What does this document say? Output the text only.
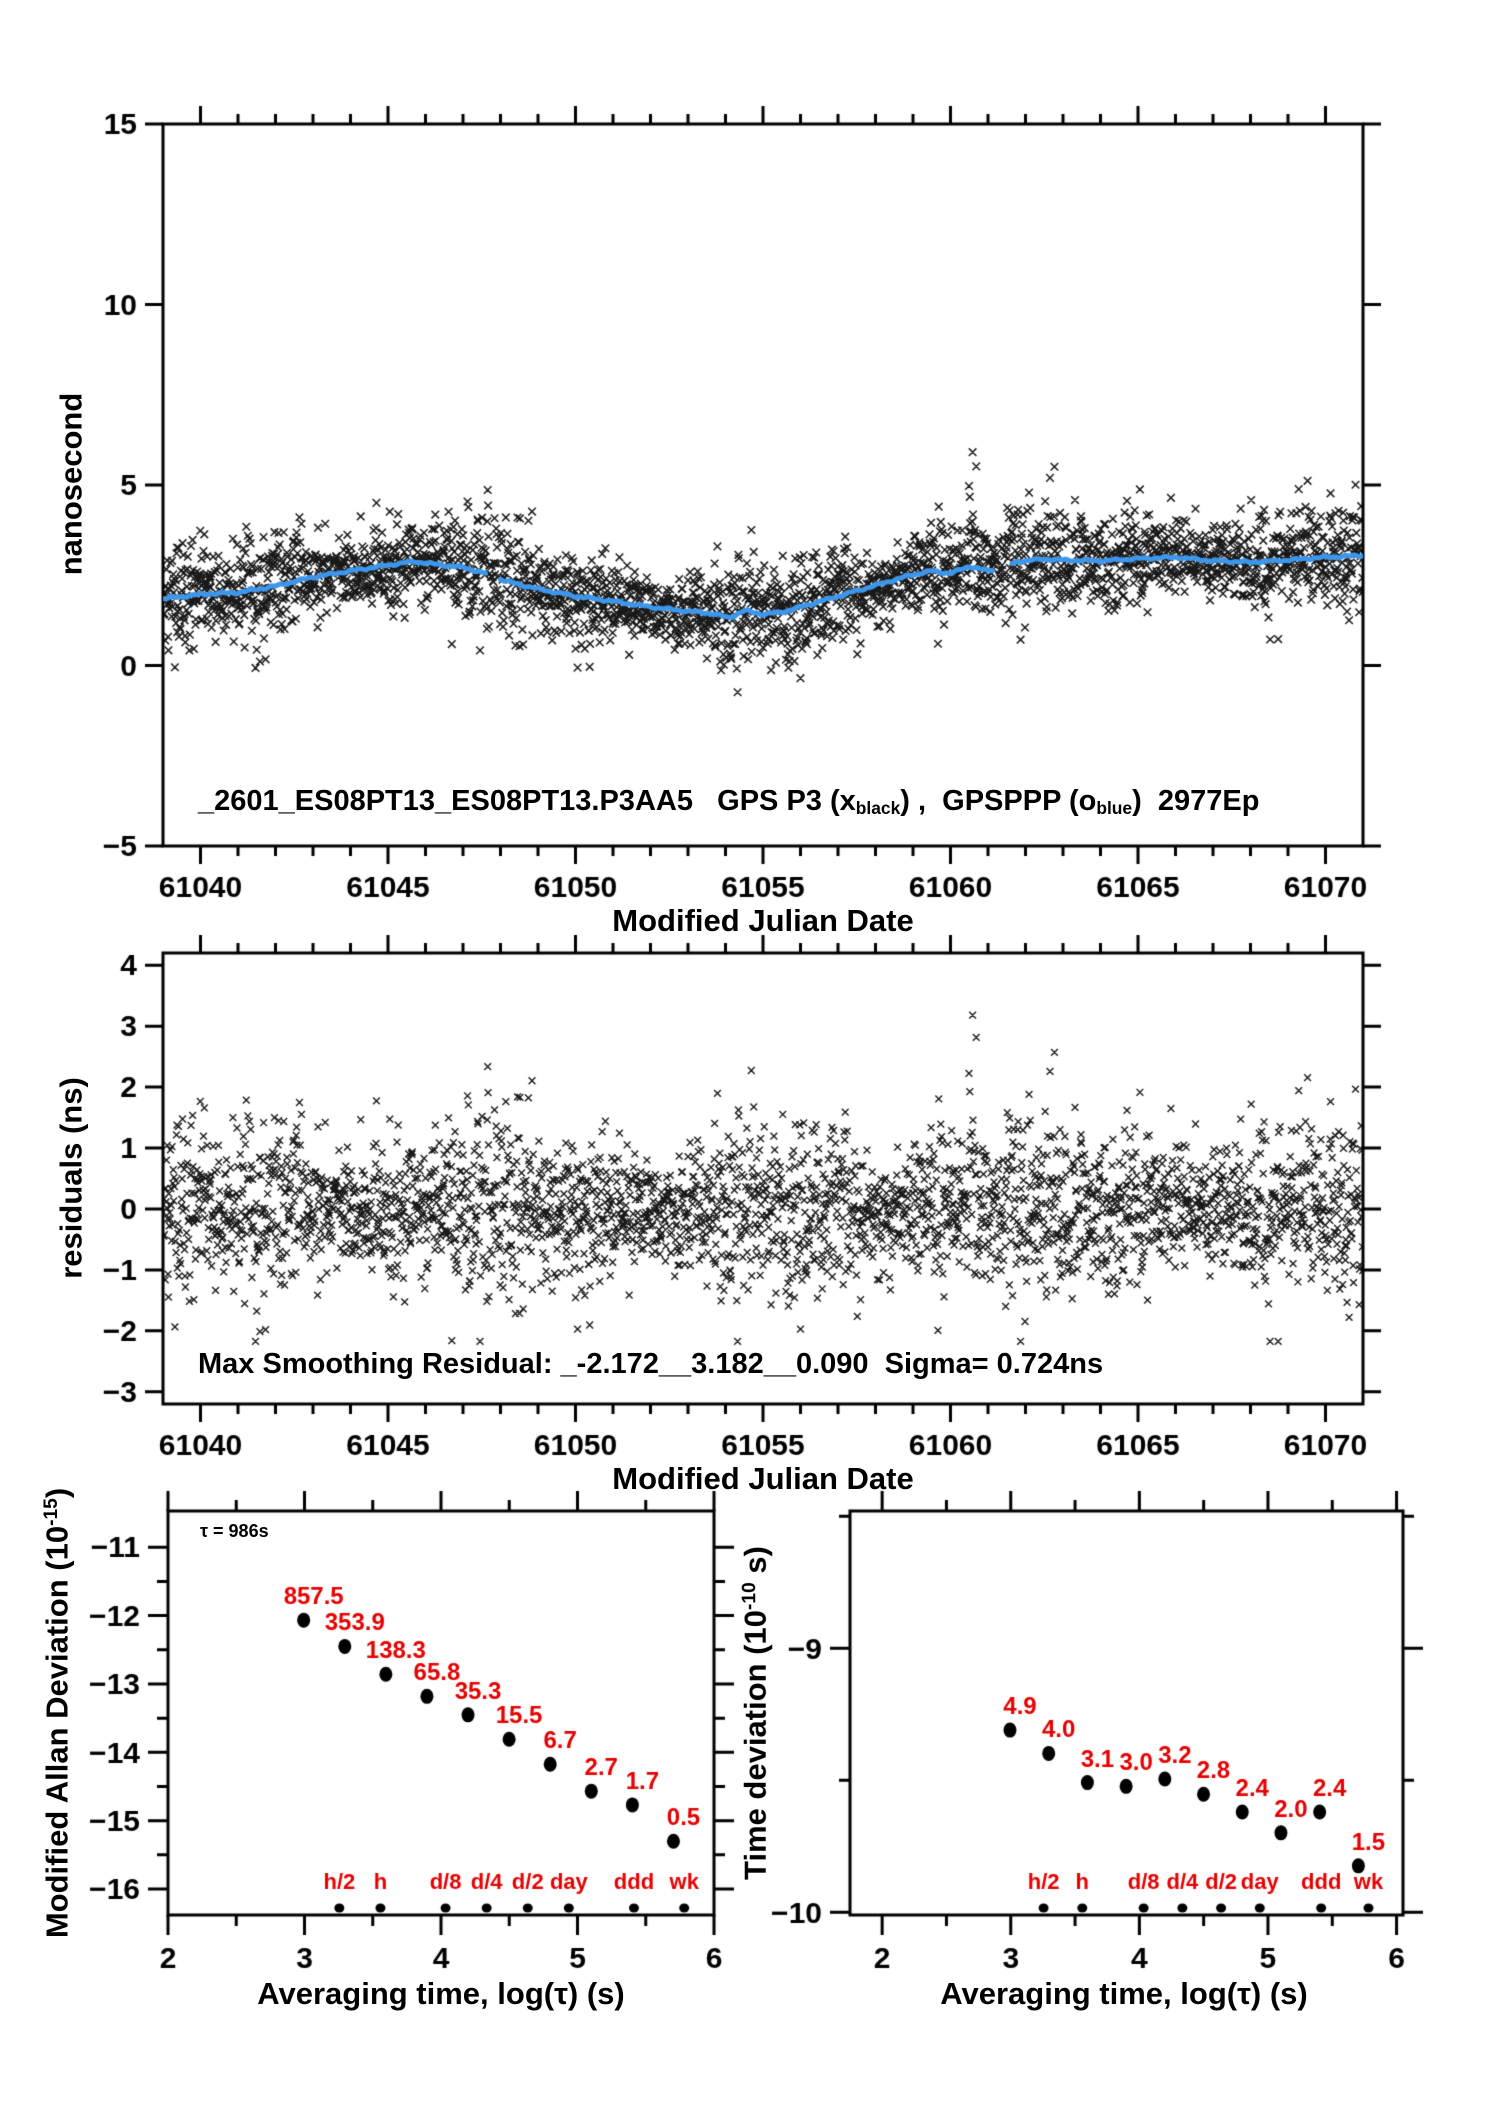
_2601_ES08PT13_ES08PT13.P3AA5   GPS P3 (xblack) ,  GPSPPP (oblue)  2977Ep
nanosecond
Modified Julian Date
residuals (ns)
Modified Julian Date
Max Smoothing Residual: _-2.172__3.182__0.090  Sigma= 0.724ns
τ = 986s
Modified Allan Deviation $(10^{-15})$
Averaging time, log(τ) (s)
Time deviation ($10^{-10}$ s)
Averaging time, log(τ) (s)
